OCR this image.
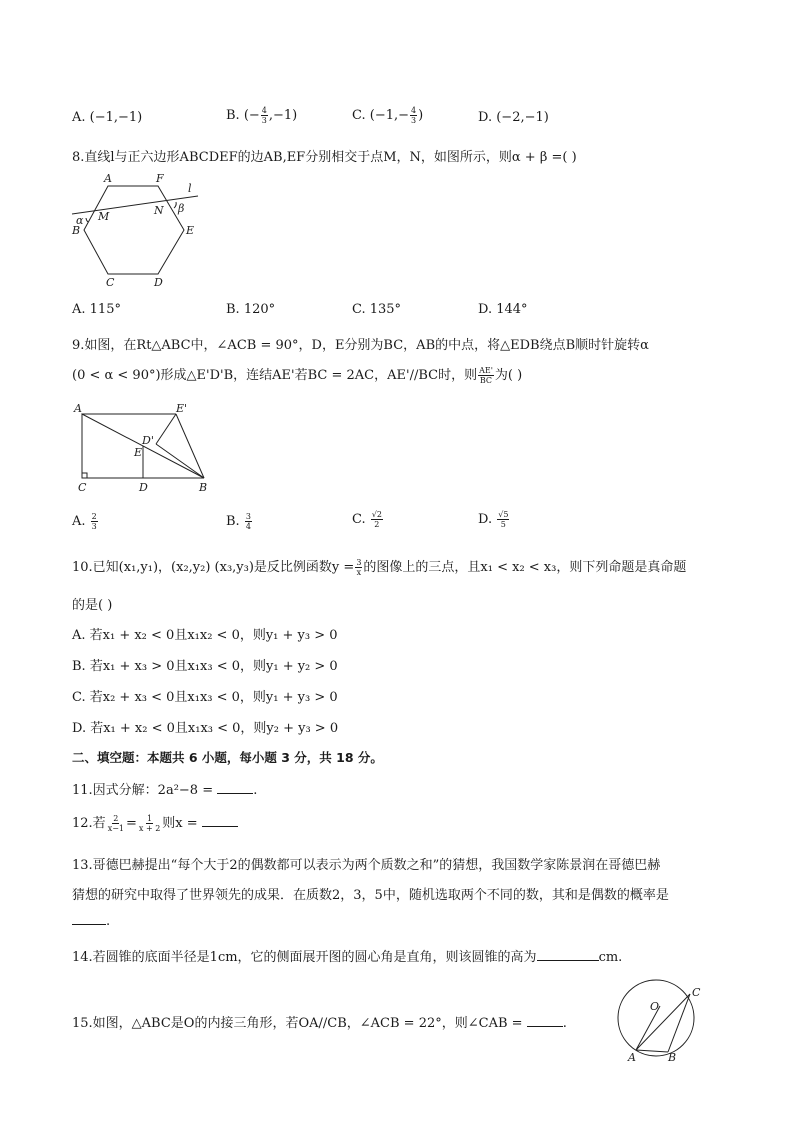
A. (−1,−1)	B. (− $\frac{4}{3} ,-1$)	C. ($-1,- \frac{4}{3}$ )	D. (−2,−1)
8.直线l与正六边形ABCDEF的边AB,EF分别相交于点M，N，如图所示，则α + β =( )
A	F
l
M	N
α
β
B	E
C	D
A. 115°	B. 120°	C. 135°	D. 144°
9.如图，在Rt△ABC中，∠ACB = 90°，D，E分别为BC，AB的中点，将△EDB绕点B顺时针旋转α
(0 < α < 90°)形成△E'D'B，连结AE'若BC = 2AC，AE'//BC时，则 $\frac{AE'}{BC}$ 为( )
A	E'
D'
E
C	D	B
A. $\frac{2}{3}$	B. $\frac{3}{4}$	C. $\frac{√2}{2}$	D. $\frac{√5}{5}$
10.已知(x₁,y₁)，(x₂,y₂) (x₃,y₃)是反比例函数$y = \frac{3}{x}$ 的图像上的三点，且x₁ < x₂ < x₃，则下列命题是真命题
的是( )
A. 若x₁ + x₂ < 0且x₁x₂ < 0，则y₁ + y₃ > 0
B. 若x₁ + x₃ > 0且x₁x₃ < 0，则y₁ + y₂ > 0
C. 若x₂ + x₃ < 0且x₁x₃ < 0，则y₁ + y₃ > 0
D. 若x₁ + x₂ < 0且x₁x₃ < 0，则y₂ + y₃ > 0
二、填空题：本题共 6 小题，每小题 3 分，共 18 分。
11.因式分解：2a²−8 =	.
12.若 $\frac{2}{x-1} = \frac{1}{x + 2}$ 则x =
13.哥德巴赫提出“每个大于2的偶数都可以表示为两个质数之和”的猜想，我国数学家陈景润在哥德巴赫
猜想的研究中取得了世界领先的成果．在质数2，3，5中，随机选取两个不同的数，其和是偶数的概率是
.
14.若圆锥的底面半径是1cm，它的侧面展开图的圆心角是直角，则该圆锥的高为	cm.
15.如图，△ABC是O的内接三角形，若OA//CB，∠ACB = 22°，则∠CAB =	.
O
C
A	B
